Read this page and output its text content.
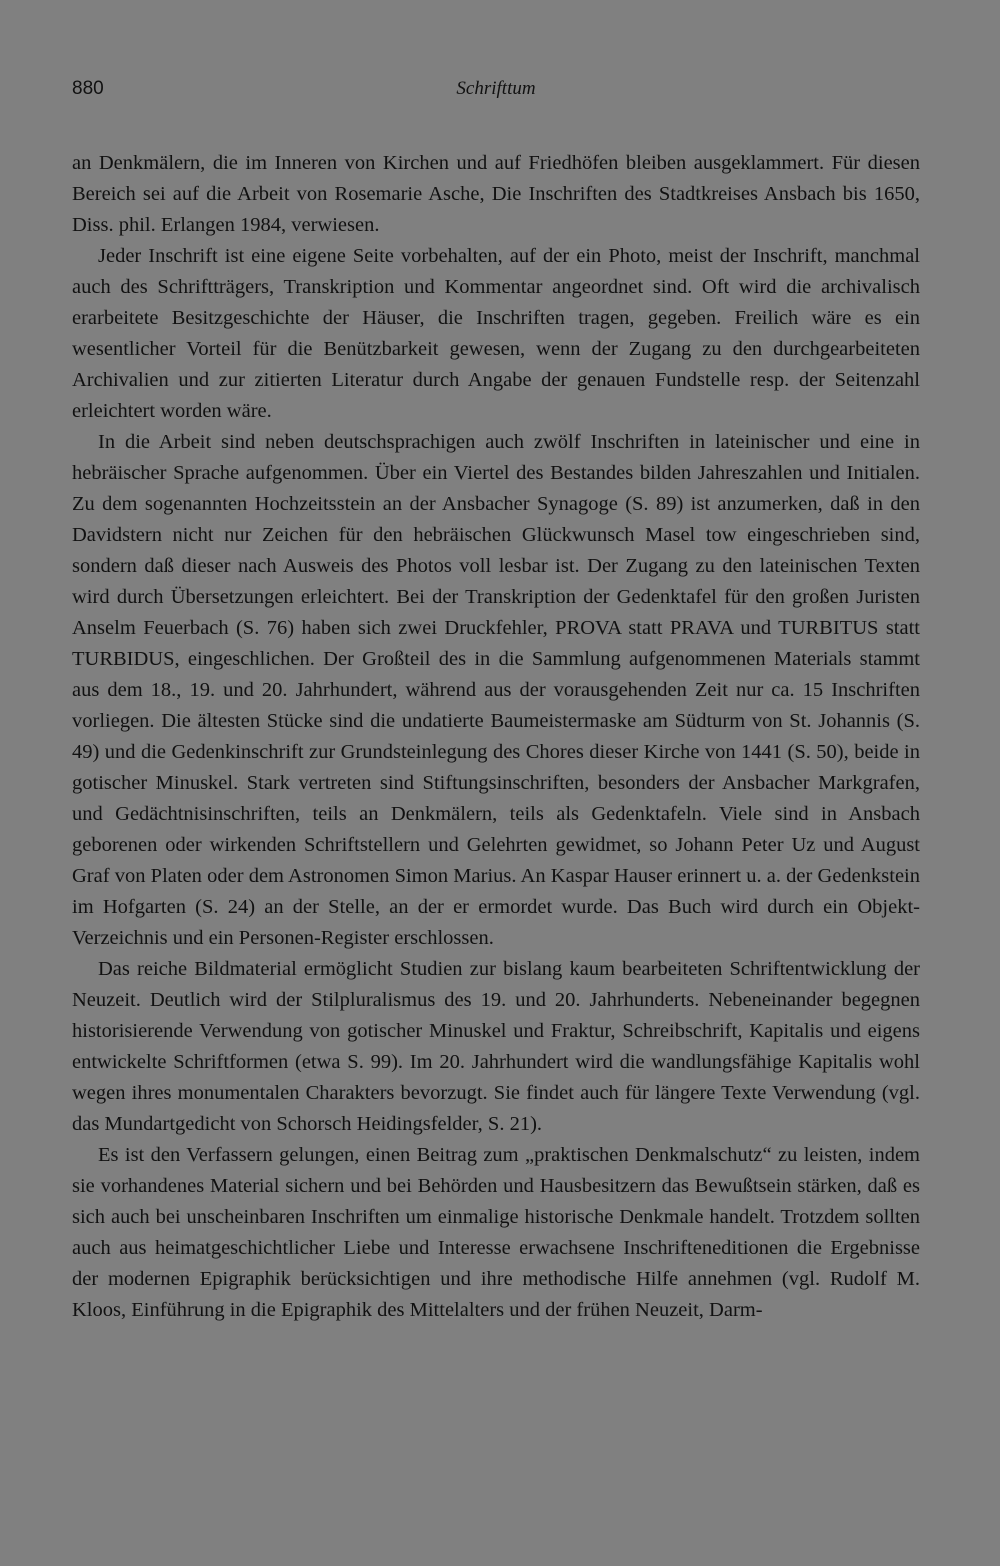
880	Schrifttum

an Denkmälern, die im Inneren von Kirchen und auf Friedhöfen bleiben ausgeklammert. Für diesen Bereich sei auf die Arbeit von Rosemarie Asche, Die Inschriften des Stadtkreises Ansbach bis 1650, Diss. phil. Erlangen 1984, verwiesen.

Jeder Inschrift ist eine eigene Seite vorbehalten, auf der ein Photo, meist der Inschrift, manchmal auch des Schriftträgers, Transkription und Kommentar angeordnet sind. Oft wird die archivalisch erarbeitete Besitzgeschichte der Häuser, die Inschriften tragen, gegeben. Freilich wäre es ein wesentlicher Vorteil für die Benützbarkeit gewesen, wenn der Zugang zu den durchgearbeiteten Archivalien und zur zitierten Literatur durch Angabe der genauen Fundstelle resp. der Seitenzahl erleichtert worden wäre.

In die Arbeit sind neben deutschsprachigen auch zwölf Inschriften in lateinischer und eine in hebräischer Sprache aufgenommen. Über ein Viertel des Bestandes bilden Jahreszahlen und Initialen. Zu dem sogenannten Hochzeitsstein an der Ansbacher Synagoge (S. 89) ist anzumerken, daß in den Davidstern nicht nur Zeichen für den hebräischen Glückwunsch Masel tow eingeschrieben sind, sondern daß dieser nach Ausweis des Photos voll lesbar ist. Der Zugang zu den lateinischen Texten wird durch Übersetzungen erleichtert. Bei der Transkription der Gedenktafel für den großen Juristen Anselm Feuerbach (S. 76) haben sich zwei Druckfehler, PROVA statt PRAVA und TURBITUS statt TURBIDUS, eingeschlichen. Der Großteil des in die Sammlung aufgenommenen Materials stammt aus dem 18., 19. und 20. Jahrhundert, während aus der vorausgehenden Zeit nur ca. 15 Inschriften vorliegen. Die ältesten Stücke sind die undatierte Baumeistermaske am Südturm von St. Johannis (S. 49) und die Gedenkinschrift zur Grundsteinlegung des Chores dieser Kirche von 1441 (S. 50), beide in gotischer Minuskel. Stark vertreten sind Stiftungsinschriften, besonders der Ansbacher Markgrafen, und Gedächtnisinschriften, teils an Denkmälern, teils als Gedenktafeln. Viele sind in Ansbach geborenen oder wirkenden Schriftstellern und Gelehrten gewidmet, so Johann Peter Uz und August Graf von Platen oder dem Astronomen Simon Marius. An Kaspar Hauser erinnert u. a. der Gedenkstein im Hofgarten (S. 24) an der Stelle, an der er ermordet wurde. Das Buch wird durch ein Objekt-Verzeichnis und ein Personen-Register erschlossen.

Das reiche Bildmaterial ermöglicht Studien zur bislang kaum bearbeiteten Schriftentwicklung der Neuzeit. Deutlich wird der Stilpluralismus des 19. und 20. Jahrhunderts. Nebeneinander begegnen historisierende Verwendung von gotischer Minuskel und Fraktur, Schreibschrift, Kapitalis und eigens entwickelte Schriftformen (etwa S. 99). Im 20. Jahrhundert wird die wandlungsfähige Kapitalis wohl wegen ihres monumentalen Charakters bevorzugt. Sie findet auch für längere Texte Verwendung (vgl. das Mundartgedicht von Schorsch Heidingsfelder, S. 21).

Es ist den Verfassern gelungen, einen Beitrag zum „praktischen Denkmalschutz“ zu leisten, indem sie vorhandenes Material sichern und bei Behörden und Hausbesitzern das Bewußtsein stärken, daß es sich auch bei unscheinbaren Inschriften um einmalige historische Denkmale handelt. Trotzdem sollten auch aus heimatgeschichtlicher Liebe und Interesse erwachsene Inschrifteneditionen die Ergebnisse der modernen Epigraphik berücksichtigen und ihre methodische Hilfe annehmen (vgl. Rudolf M. Kloos, Einführung in die Epigraphik des Mittelalters und der frühen Neuzeit, Darm-
